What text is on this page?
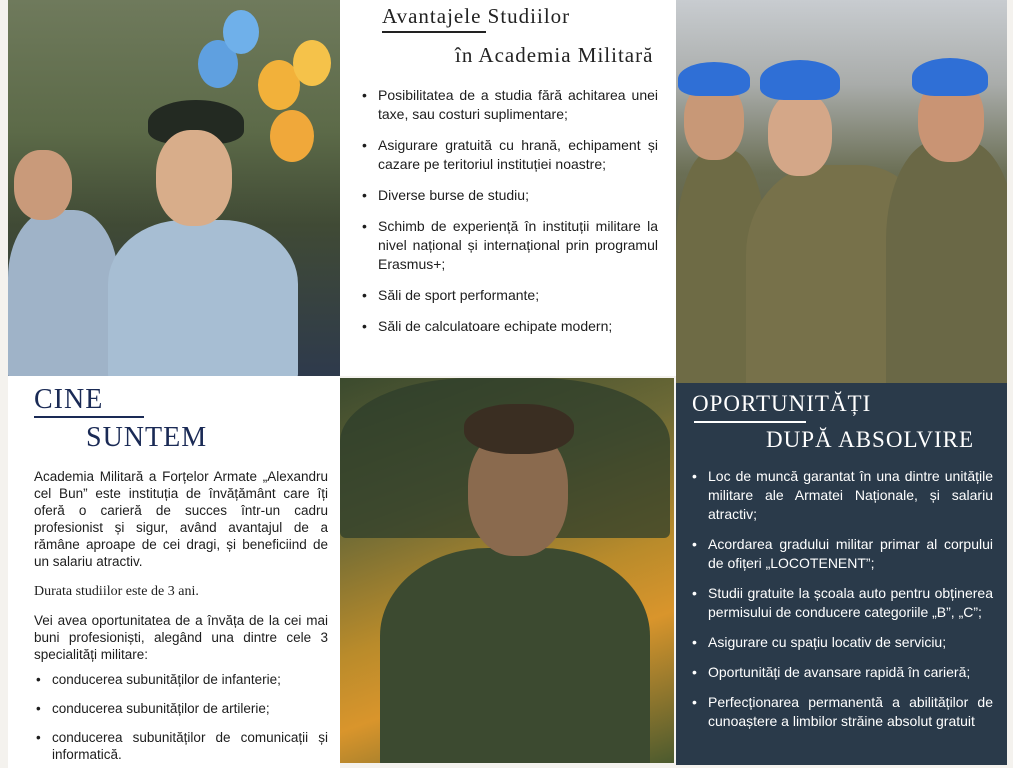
Avantajele Studiilor
în Academia Militară
• Posibilitatea de a studia fără achitarea unei taxe, sau costuri suplimentare;
• Asigurare gratuită cu hrană, echipament și cazare pe teritoriul instituției noastre;
• Diverse burse de studiu;
• Schimb de experiență în instituții militare la nivel național și internațional prin programul Erasmus+;
• Săli de sport performante;
• Săli de calculatoare echipate modern;
CINE
SUNTEM

Academia Militară a Forțelor Armate „Alexandru cel Bun” este instituția de învățământ care îți oferă o carieră de succes într-un cadru profesionist și sigur, având avantajul de a rămâne aproape de cei dragi, și beneficiind de un salariu atractiv.

Durata studiilor este de 3 ani.

Vei avea oportunitatea de a învăța de la cei mai buni profesioniști, alegând una dintre cele 3 specialități militare:

• conducerea subunităților de infanterie;
• conducerea subunităților de artilerie;
• conducerea subunităților de comunicații și informatică.
OPORTUNITĂȚI
DUPĂ ABSOLVIRE
• Loc de muncă garantat în una dintre unitățile militare ale Armatei Naționale, și salariu atractiv;
• Acordarea gradului militar primar al corpului de ofițeri „LOCOTENENT”;
• Studii gratuite la școala auto pentru obținerea permisului de conducere categoriile „B”, „C”;
• Asigurare cu spațiu locativ de serviciu;
• Oportunități de avansare rapidă în carieră;
• Perfecționarea permanentă a abilităților de cunoaștere a limbilor străine absolut gratuit
